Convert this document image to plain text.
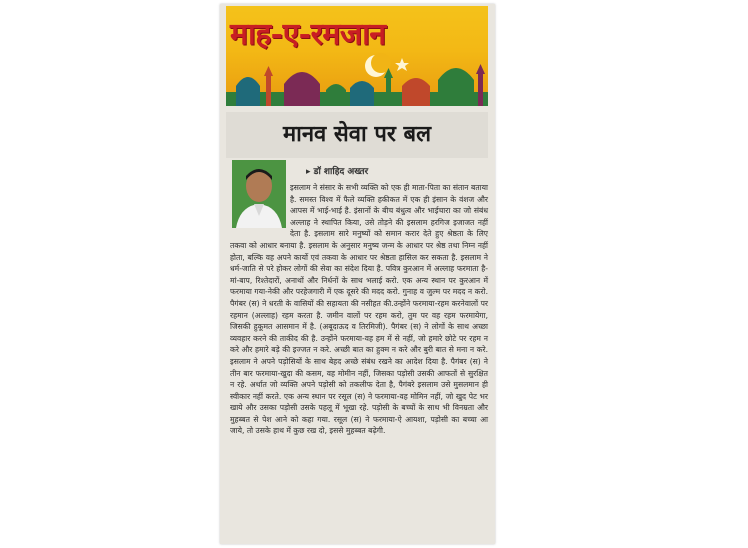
माह-ए-रमजान
मानव सेवा पर बल
▸ डॉ शाहिद अख्तर
इसलाम ने संसार के सभी व्यक्ति को एक ही माता-पिता का संतान बताया है. समस्त विश्व में फैले व्यक्ति हकीकत में एक ही इंसान के वंशज और आपस में भाई-भाई है. इंसानों के बीच बंधुत्व और भाईचारा का जो संबंध अल्लाह ने स्थापित किया, उसे तोड़ने की इसलाम हरगिज इजाजत नहीं देता है. इसलाम सारे मनुष्यों को समान करार देते हुए श्रेष्ठता के लिए तकवा को आधार बनाया है. इसलाम के अनुसार मनुष्य जन्म के आधार पर श्रेष्ठ तथा निम्न नहीं होता, बल्कि वह अपने कार्यो एवं तकवा के आधार पर श्रेष्ठता हासिल कर सकता है. इसलाम ने धर्म-जाति से परे होकर लोगों की सेवा का संदेश दिया है. पवित्र कुरआन में अल्लाह फरमाता है-मां-बाप, रिश्तेदारों, अनाथों और निर्धनों के साथ भलाई करो. एक अन्य स्थान पर कुरआन में फरमाया गया-नेकी और परहेजगारी में एक दूसरे की मदद करो. गुनाह व जुल्म पर मदद न करो. पैगंबर (स) ने धरती के वासियों की सहायता की नसीहत की.उन्होंने फरमाया-रहम करनेवालों पर रहमान (अल्लाह) रहम करता है. जमीन वालों पर रहम करो, तुम पर वह रहम फरमायेगा, जिसकी हुकूमत आसमान में है. (अबूदाऊद व तिरमिजी). पैगंबर (स) ने लोगों के साथ अच्छा व्यवहार करने की ताकीद की है. उन्होंने फरमाया-वह हम में से नहीं, जो हमारे छोटे पर रहम न करे और हमारे बड़े की इज्जत न करे. अच्छी बात का हुक्म न करे और बुरी बात से मना न करे. इसलाम ने अपने पड़ोसियों के साथ बेहद अच्छे संबंध रखने का आदेश दिया है. पैगंबर (स) ने तीन बार फरमाया-खुदा की कसम, वह मोमीन नहीं, जिसका पड़ोसी उसकी आफतों से सुरक्षित न रहे. अर्थात जो व्यक्ति अपने पड़ोसी को तकलीफ देता है, पैगंबरे इसलाम उसे मुसलमान ही स्वीकार नहीं करते. एक अन्य स्थान पर रसूल (स) ने फरमाया-वह मोमिन नहीं, जो खुद पेट भर खाये और उसका पड़ोसी उसके पहलू में भूखा रहे. पड़ोसी के बच्चों के साथ भी विनम्रता और मुहब्बत से पेश आने को कहा गया. रसूल (स) ने फरमाया-ऐ आयशा, पड़ोसी का बच्चा आ जाये, तो उसके हाथ में कुछ रख दो, इससे मुहब्बत बढ़ेगी.
